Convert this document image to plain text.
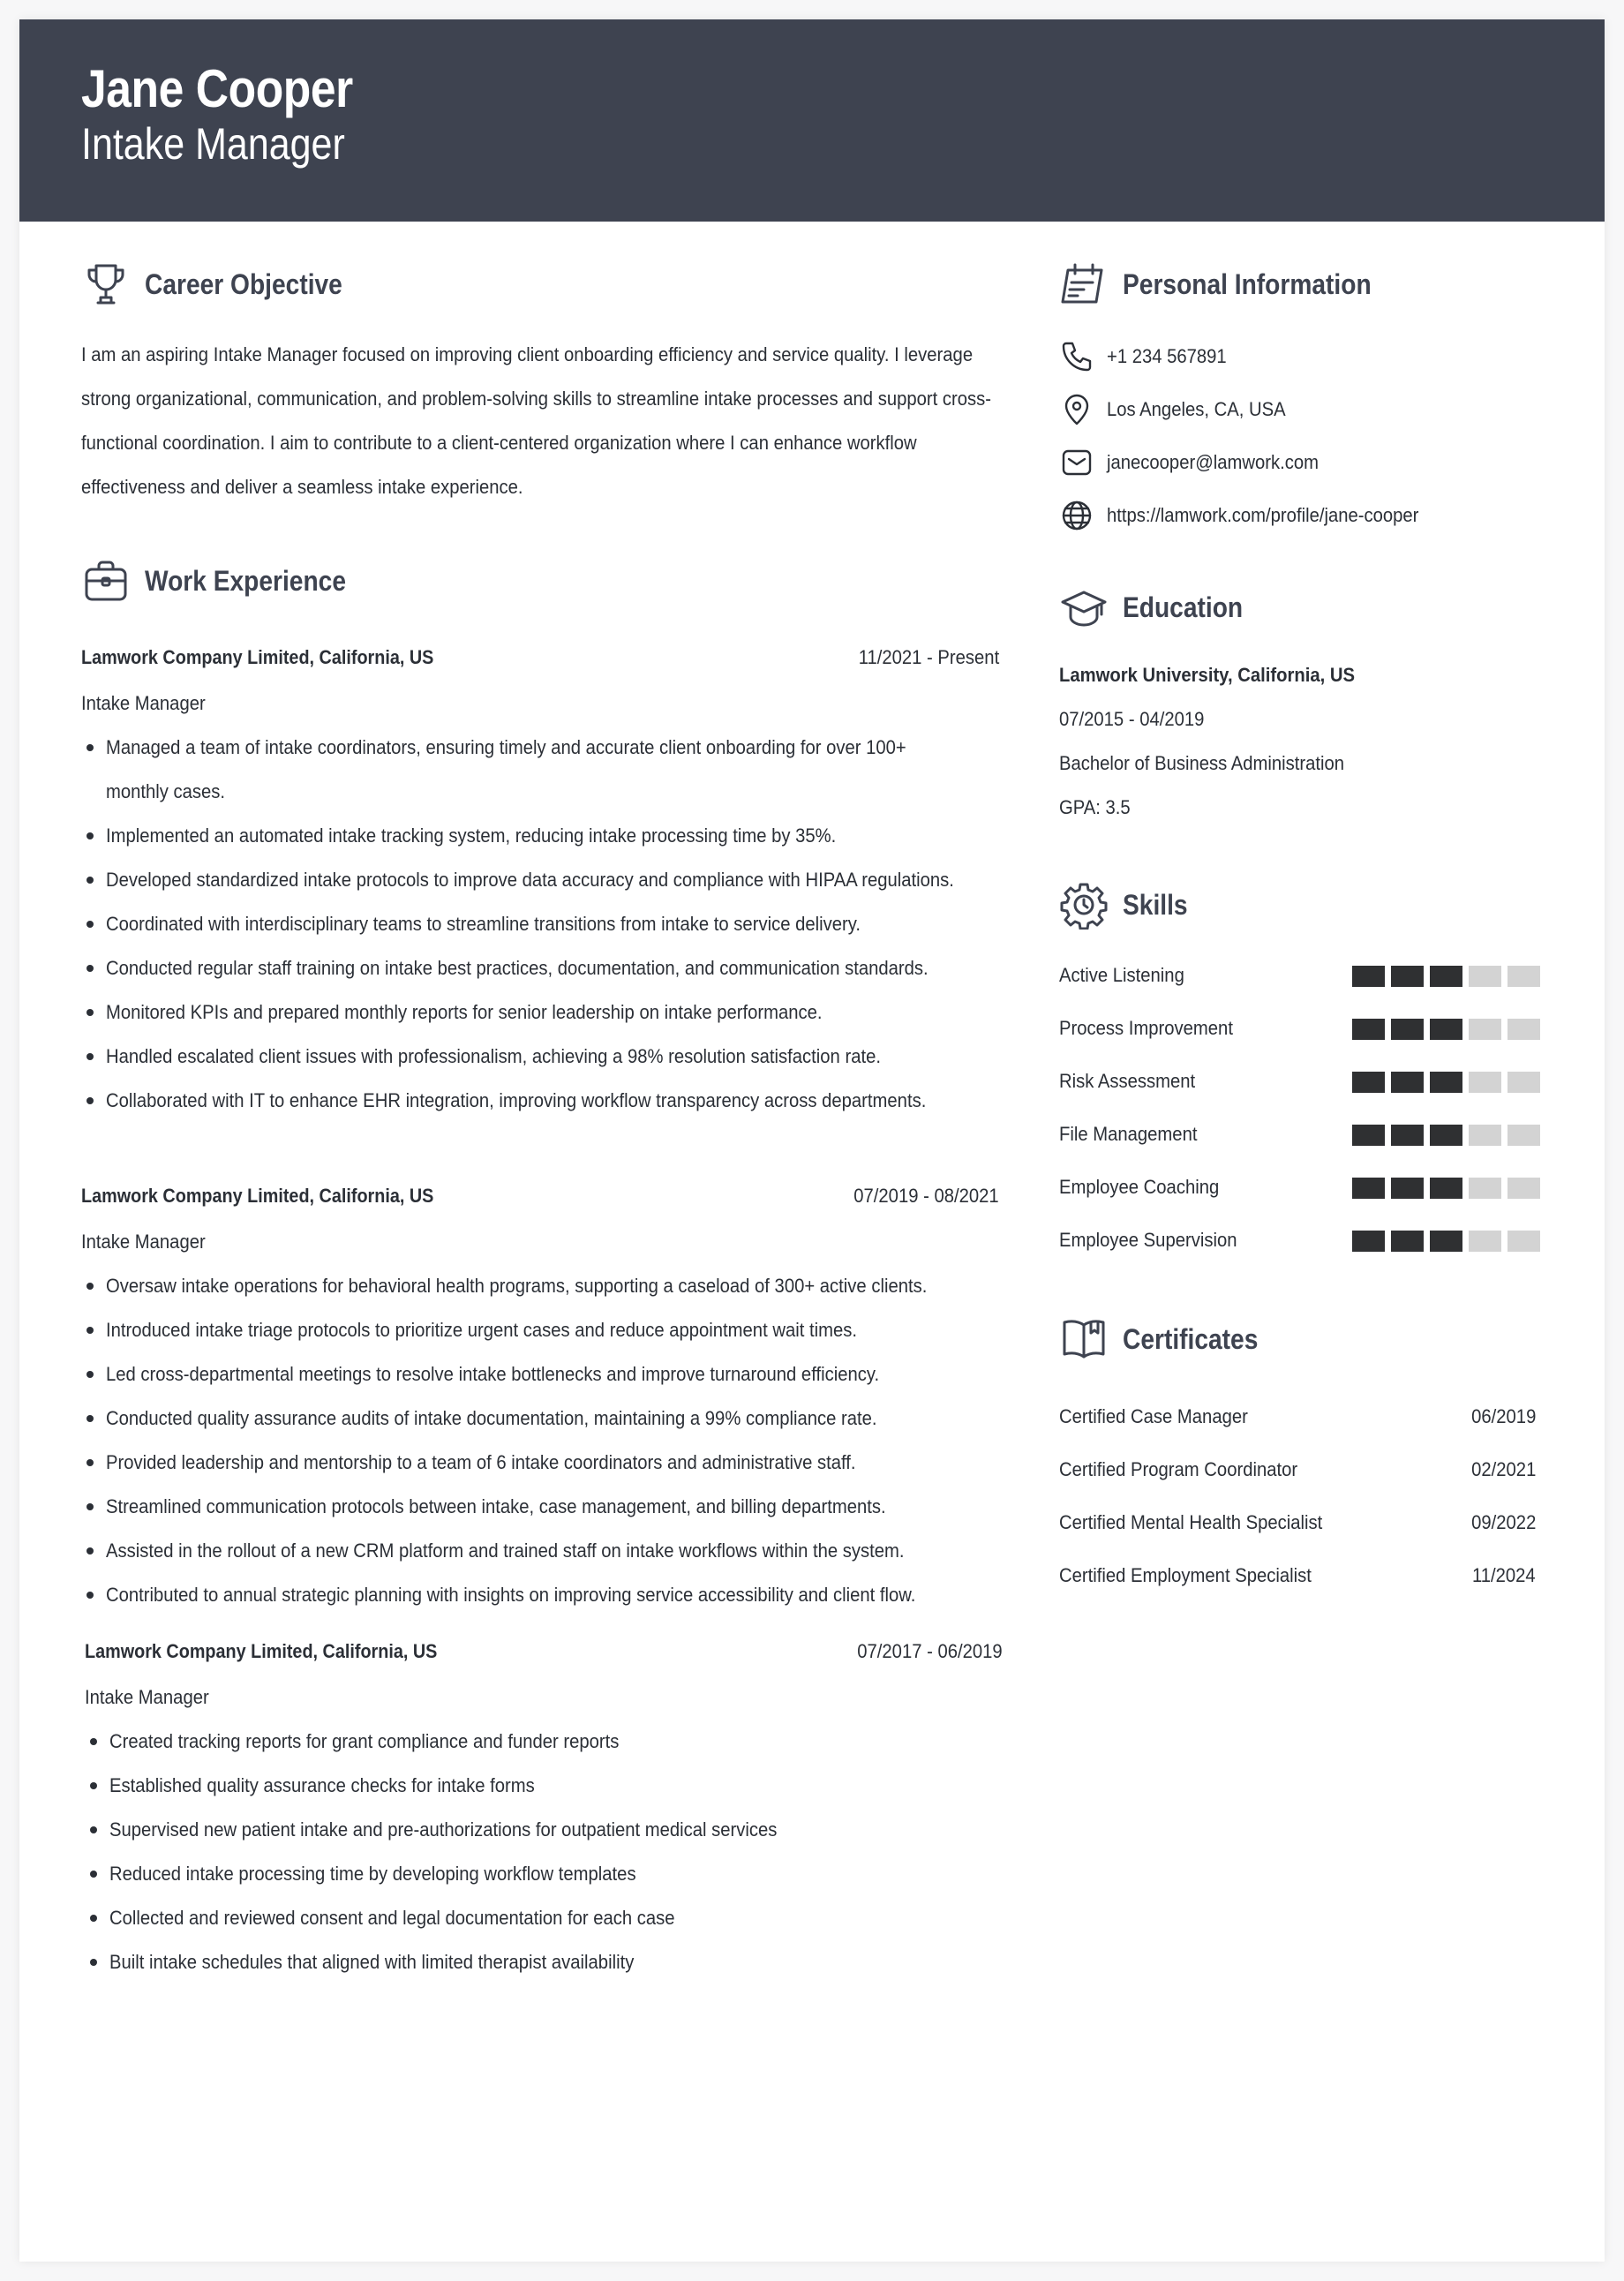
Jane Cooper
Intake Manager
Career Objective
I am an aspiring Intake Manager focused on improving client onboarding efficiency and service quality. I leverage strong organizational, communication, and problem-solving skills to streamline intake processes and support cross-functional coordination. I aim to contribute to a client-centered organization where I can enhance workflow effectiveness and deliver a seamless intake experience.
Work Experience
Lamwork Company Limited, California, US	11/2021 - Present
Intake Manager
Managed a team of intake coordinators, ensuring timely and accurate client onboarding for over 100+ monthly cases.
Implemented an automated intake tracking system, reducing intake processing time by 35%.
Developed standardized intake protocols to improve data accuracy and compliance with HIPAA regulations.
Coordinated with interdisciplinary teams to streamline transitions from intake to service delivery.
Conducted regular staff training on intake best practices, documentation, and communication standards.
Monitored KPIs and prepared monthly reports for senior leadership on intake performance.
Handled escalated client issues with professionalism, achieving a 98% resolution satisfaction rate.
Collaborated with IT to enhance EHR integration, improving workflow transparency across departments.
Lamwork Company Limited, California, US	07/2019 - 08/2021
Intake Manager
Oversaw intake operations for behavioral health programs, supporting a caseload of 300+ active clients.
Introduced intake triage protocols to prioritize urgent cases and reduce appointment wait times.
Led cross-departmental meetings to resolve intake bottlenecks and improve turnaround efficiency.
Conducted quality assurance audits of intake documentation, maintaining a 99% compliance rate.
Provided leadership and mentorship to a team of 6 intake coordinators and administrative staff.
Streamlined communication protocols between intake, case management, and billing departments.
Assisted in the rollout of a new CRM platform and trained staff on intake workflows within the system.
Contributed to annual strategic planning with insights on improving service accessibility and client flow.
Lamwork Company Limited, California, US	07/2017 - 06/2019
Intake Manager
Created tracking reports for grant compliance and funder reports
Established quality assurance checks for intake forms
Supervised new patient intake and pre-authorizations for outpatient medical services
Reduced intake processing time by developing workflow templates
Collected and reviewed consent and legal documentation for each case
Built intake schedules that aligned with limited therapist availability
Personal Information
+1 234 567891
Los Angeles, CA, USA
janecooper@lamwork.com
https://lamwork.com/profile/jane-cooper
Education
Lamwork University, California, US
07/2015 - 04/2019
Bachelor of Business Administration
GPA: 3.5
Skills
Active Listening
Process Improvement
Risk Assessment
File Management
Employee Coaching
Employee Supervision
Certificates
Certified Case Manager	06/2019
Certified Program Coordinator	02/2021
Certified Mental Health Specialist	09/2022
Certified Employment Specialist	11/2024
